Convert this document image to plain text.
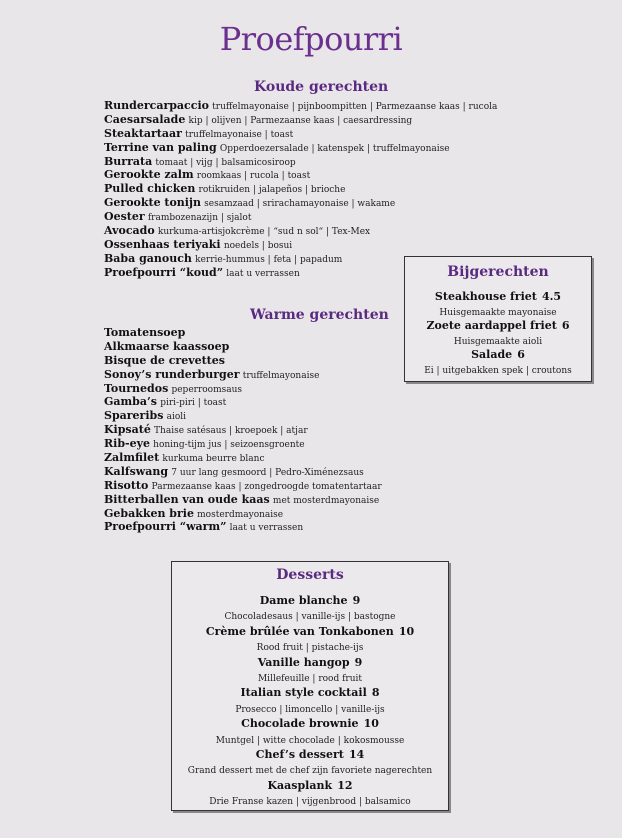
Proefpourri
Koude gerechten
Rundercarpaccio truffelmayonaise | pijnboompitten | Parmezaanse kaas | rucola
Caesarsalade kip | olijven | Parmezaanse kaas | caesardressing
Steaktartaar truffelmayonaise | toast
Terrine van paling Opperdoezersalade | katenspek | truffelmayonaise
Burrata tomaat | vijg | balsamicosiroop
Gerookte zalm roomkaas | rucola | toast
Pulled chicken rotikruiden | jalapeños | brioche
Gerookte tonijn sesamzaad | srirachamayonaise | wakame
Oester frambozenazijn | sjalot
Avocado kurkuma-artisjokcrème | “sud n sol“ | Tex-Mex
Ossenhaas teriyaki noedels | bosui
Baba ganouch kerrie-hummus | feta | papadum
Proefpourri “koud” laat u verrassen
Warme gerechten
Tomatensoep
Alkmaarse kaassoep
Bisque de crevettes
Sonoy’s runderburger truffelmayonaise
Tournedos peperroomsaus
Gamba’s piri-piri | toast
Spareribs aioli
Kipsaté Thaise satésaus | kroepoek | atjar
Rib-eye honing-tijm jus | seizoensgroente
Zalmfilet kurkuma beurre blanc
Kalfswang 7 uur lang gesmoord | Pedro-Ximénezsaus
Risotto Parmezaanse kaas | zongedroogde tomatentartaar
Bitterballen van oude kaas met mosterdmayonaise
Gebakken brie mosterdmayonaise
Proefpourri “warm” laat u verrassen
Bijgerechten
Steakhouse friet 4.5
Huisgemaakte mayonaise
Zoete aardappel friet 6
Huisgemaakte aioli
Salade 6
Ei | uitgebakken spek | croutons
Desserts
Dame blanche 9
Chocoladesaus | vanille-ijs | bastogne
Crème brûlée van Tonkabonen 10
Rood fruit | pistache-ijs
Vanille hangop 9
Millefeuille | rood fruit
Italian style cocktail 8
Prosecco | limoncello | vanille-ijs
Chocolade brownie 10
Muntgel | witte chocolade | kokosmousse
Chef’s dessert 14
Grand dessert met de chef zijn favoriete nagerechten
Kaasplank 12
Drie Franse kazen | vijgenbrood | balsamico
